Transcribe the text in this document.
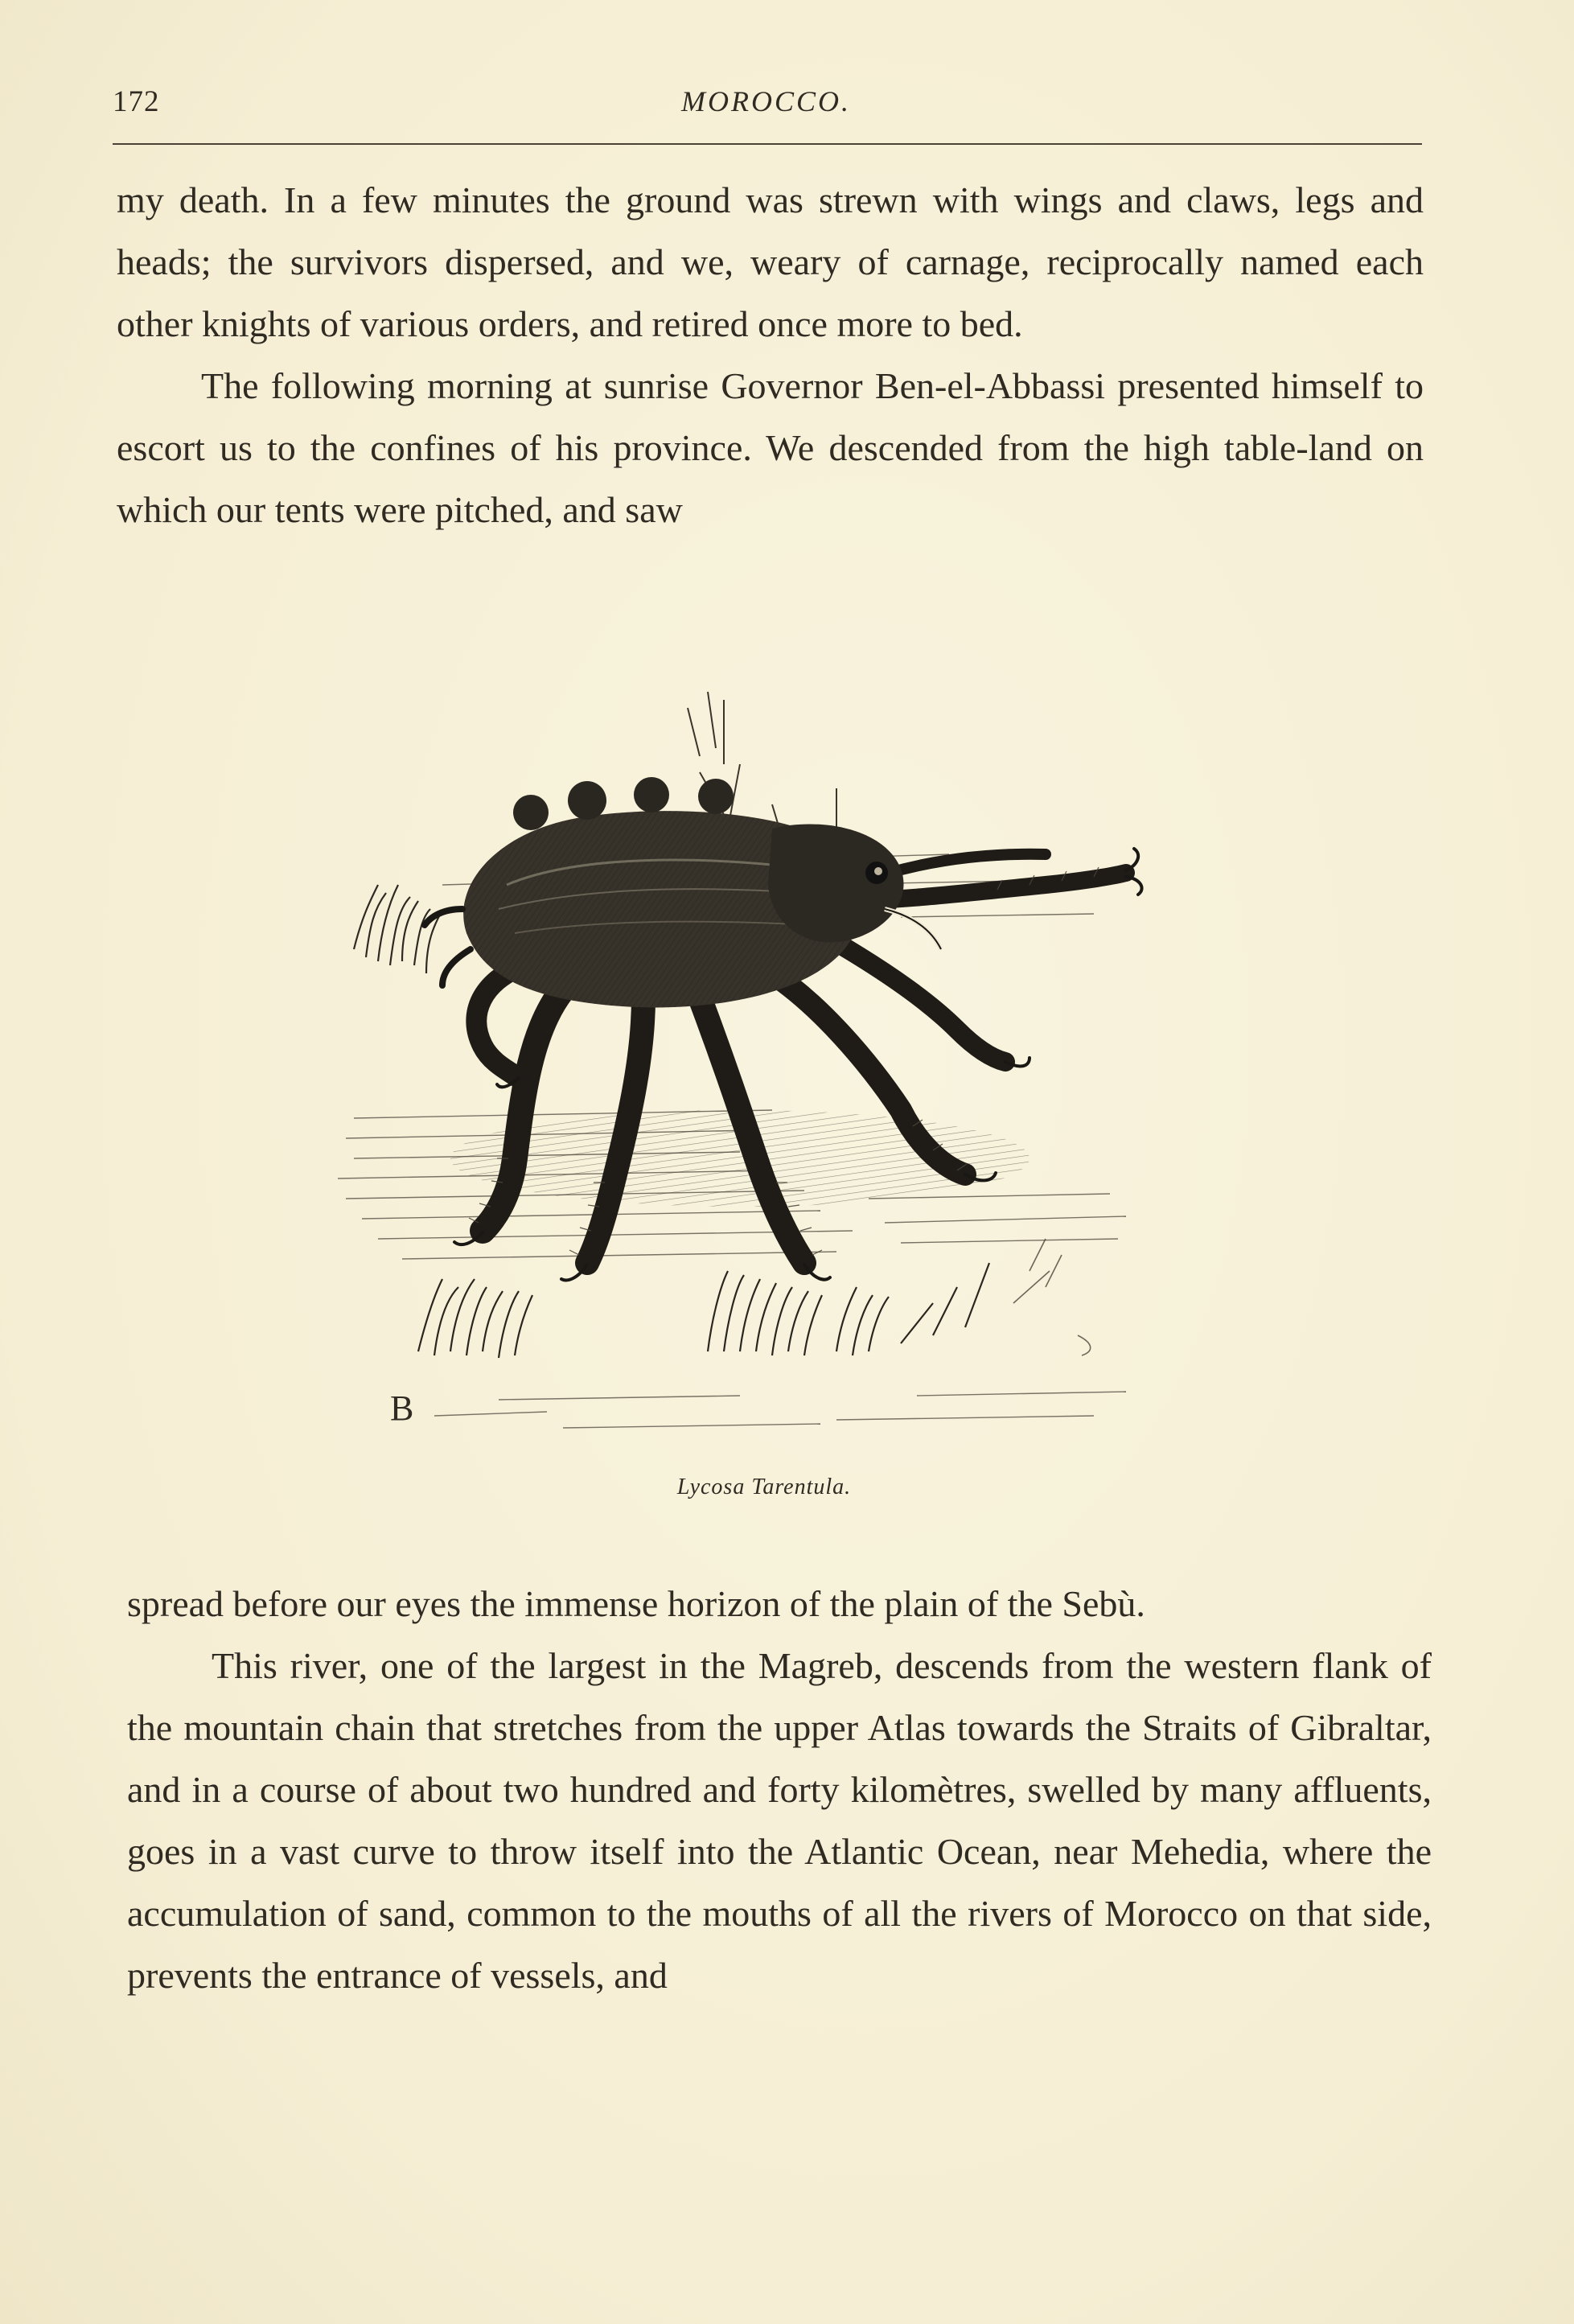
172	MOROCCO.

my death. In a few minutes the ground was strewn with wings and claws, legs and heads; the survivors dispersed, and we, weary of carnage, reciprocally named each other knights of various orders, and retired once more to bed.

The following morning at sunrise Governor Ben-el-Abbassi presented himself to escort us to the confines of his province. We descended from the high table-land on which our tents were pitched, and saw

B
Lycosa Tarentula.

spread before our eyes the immense horizon of the plain of the Sebù.

This river, one of the largest in the Magreb, descends from the western flank of the mountain chain that stretches from the upper Atlas towards the Straits of Gibraltar, and in a course of about two hundred and forty kilomètres, swelled by many affluents, goes in a vast curve to throw itself into the Atlantic Ocean, near Mehedia, where the accumulation of sand, common to the mouths of all the rivers of Morocco on that side, prevents the entrance of vessels, and
